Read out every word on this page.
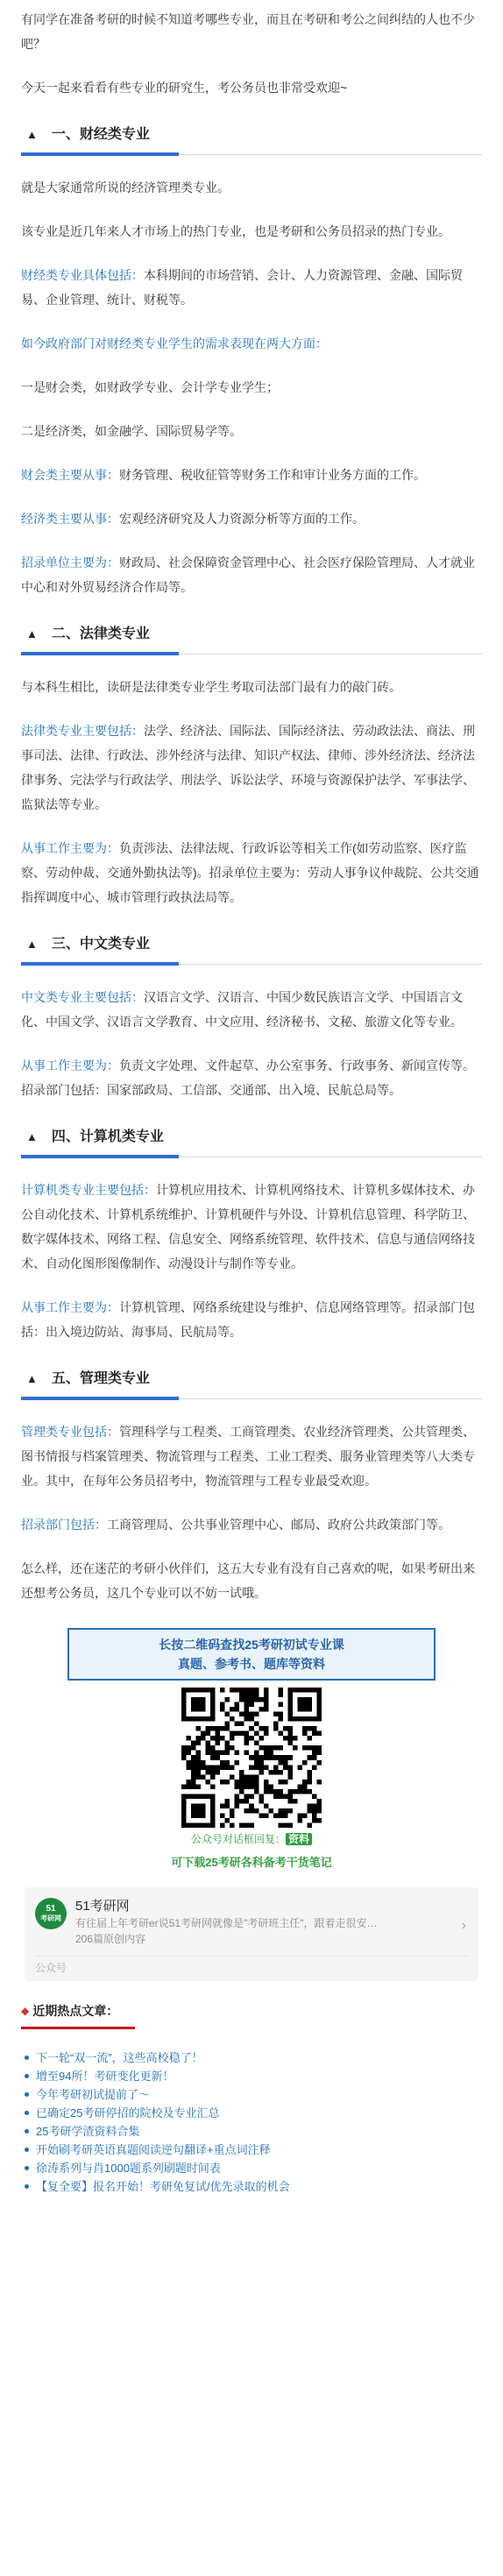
有同学在准备考研的时候不知道考哪些专业，而且在考研和考公之间纠结的人也不少吧？

今天一起来看看有些专业的研究生，考公务员也非常受欢迎~

▲ 一、财经类专业

就是大家通常所说的经济管理类专业。

该专业是近几年来人才市场上的热门专业，也是考研和公务员招录的热门专业。

财经类专业具体包括：本科期间的市场营销、会计、人力资源管理、金融、国际贸易、企业管理、统计、财税等。

如今政府部门对财经类专业学生的需求表现在两大方面：

一是财会类，如财政学专业、会计学专业学生；

二是经济类，如金融学、国际贸易学等。

财会类主要从事：财务管理、税收征管等财务工作和审计业务方面的工作。

经济类主要从事：宏观经济研究及人力资源分析等方面的工作。

招录单位主要为：财政局、社会保障资金管理中心、社会医疗保险管理局、人才就业中心和对外贸易经济合作局等。

▲ 二、法律类专业

与本科生相比，读研是法律类专业学生考取司法部门最有力的敲门砖。

法律类专业主要包括：法学、经济法、国际法、国际经济法、劳动政法法、商法、刑事司法、法律、行政法、涉外经济与法律、知识产权法、律师、涉外经济法、经济法律事务、完法学与行政法学、刑法学、诉讼法学、环境与资源保护法学、军事法学、监狱法等专业。

从事工作主要为：负责涉法、法律法规、行政诉讼等相关工作(如劳动监察、医疗监察、劳动仲裁、交通外勤执法等)。招录单位主要为：劳动人事争议仲裁院、公共交通指挥调度中心、城市管理行政执法局等。

▲ 三、中文类专业

中文类专业主要包括：汉语言文学、汉语言、中国少数民族语言文学、中国语言文化、中国文学、汉语言文学教育、中文应用、经济秘书、文秘、旅游文化等专业。

从事工作主要为：负责文字处理、文件起草、办公室事务、行政事务、新闻宣传等。招录部门包括：国家部政局、工信部、交通部、出入境、民航总局等。

▲ 四、计算机类专业

计算机类专业主要包括：计算机应用技术、计算机网络技术、计算机多媒体技术、办公自动化技术、计算机系统维护、计算机硬件与外设、计算机信息管理、科学防卫、数字媒体技术、网络工程、信息安全、网络系统管理、软件技术、信息与通信网络技术、自动化图形图像制作、动漫设计与制作等专业。

从事工作主要为：计算机管理、网络系统建设与维护、信息网络管理等。招录部门包括：出入境边防站、海事局、民航局等。

▲ 五、管理类专业

管理类专业包括：管理科学与工程类、工商管理类、农业经济管理类、公共管理类、图书情报与档案管理类、物流管理与工程类、工业工程类、服务业管理类等八大类专业。其中，在每年公务员招考中，物流管理与工程专业最受欢迎。

招录部门包括：工商管理局、公共事业管理中心、邮局、政府公共政策部门等。

怎么样，还在迷茫的考研小伙伴们，这五大专业有没有自己喜欢的呢，如果考研出来还想考公务员，这几个专业可以不妨一试哦。

长按二维码查找25考研初试专业课
真题、参考书、题库等资料
公众号对话框回复： 资料
可下载25考研各科备考干货笔记
51
考研网
51考研网
有往届上年考研er说51考研网就像是"考研班主任"，跟着走很安…
206篇原创内容
›
公众号
◆ 近期热点文章：
下一轮“双一流”，这些高校稳了！
增至94所！考研变化更新！
今年考研初试提前了～
已确定25考研停招的院校及专业汇总
25考研学渣资料合集
开始刷考研英语真题阅读逆句翻译+重点词注释
徐涛系列与肖1000题系列刷题时间表
【复全要】报名开始！考研免复试/优先录取的机会
